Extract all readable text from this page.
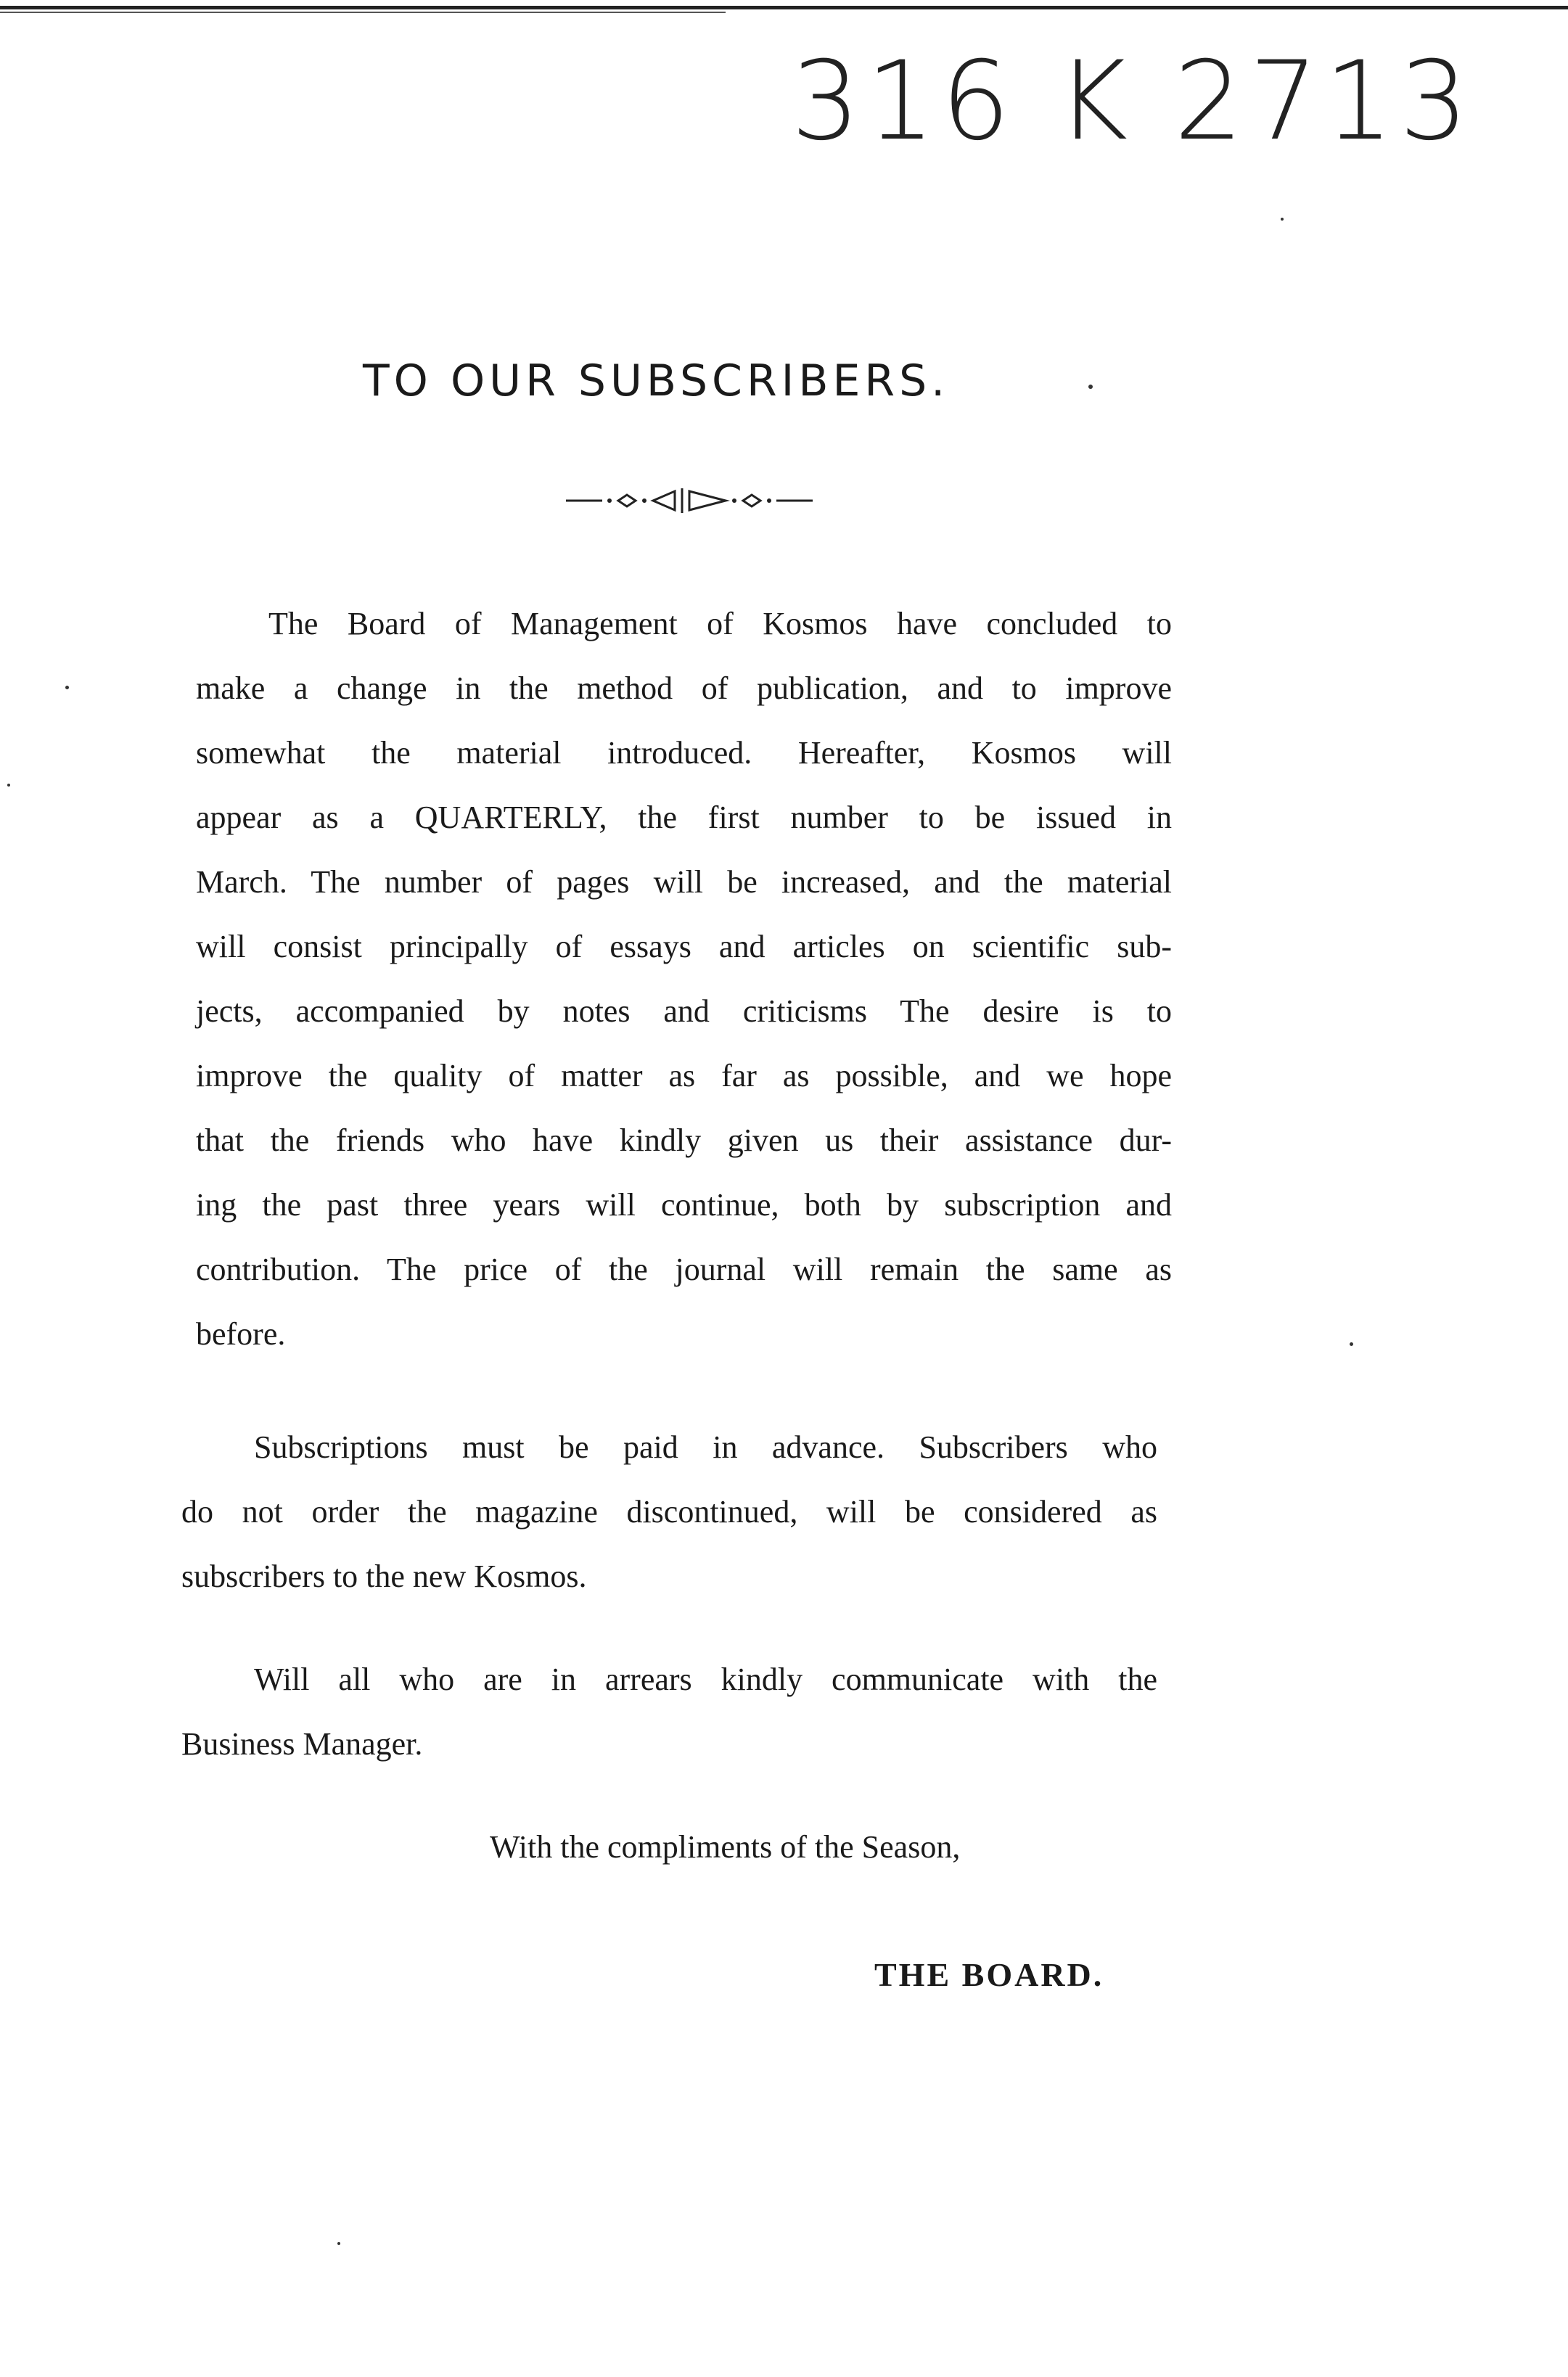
316 K 2713
TO OUR SUBSCRIBERS.
The Board of Management of Kosmos have concluded to
make a change in the method of publication, and to improve
somewhat the material introduced. Hereafter, Kosmos will
appear as a QUARTERLY, the first number to be issued in
March. The number of pages will be increased, and the material
will consist principally of essays and articles on scientific sub-
jects, accompanied by notes and criticisms The desire is to
improve the quality of matter as far as possible, and we hope
that the friends who have kindly given us their assistance dur-
ing the past three years will continue, both by subscription and
contribution. The price of the journal will remain the same as
before.
Subscriptions must be paid in advance. Subscribers who
do not order the magazine discontinued, will be considered as
subscribers to the new Kosmos.
Will all who are in arrears kindly communicate with the
Business Manager.
With the compliments of the Season,
THE BOARD.
